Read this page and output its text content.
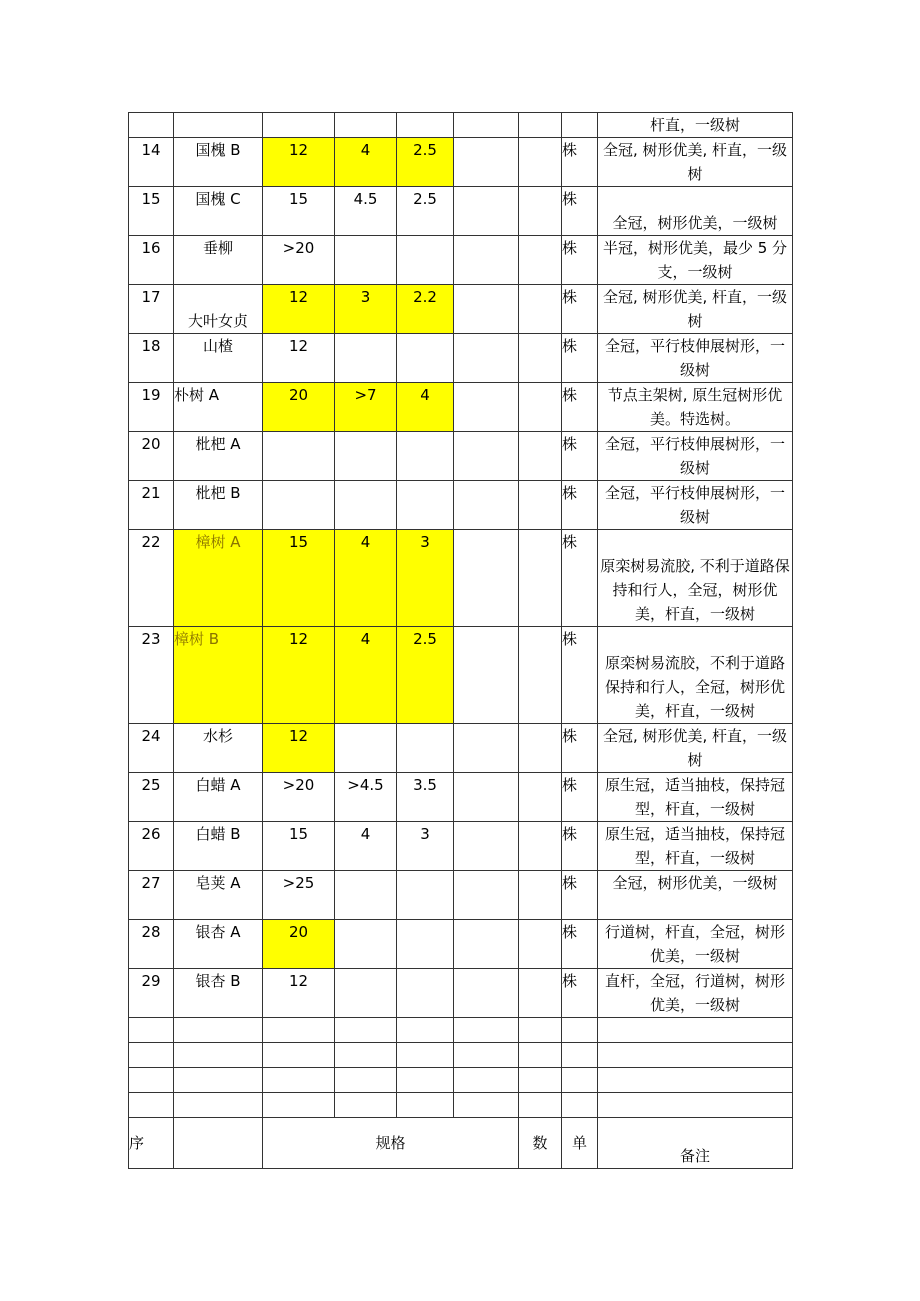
								杆直，一级树
14	国槐 B	12	4	2.5			株	全冠, 树形优美, 杆直，一级树
15	国槐 C	15	4.5	2.5			株	全冠，树形优美，一级树
16	垂柳	>20					株	半冠，树形优美，最少 5 分支，一级树
17	大叶女贞	12	3	2.2			株	全冠, 树形优美, 杆直，一级树
18	山楂	12					株	全冠，平行枝伸展树形，一级树
19	朴树 A	20	>7	4			株	节点主架树, 原生冠树形优美。特选树。
20	枇杷 A						株	全冠，平行枝伸展树形，一级树
21	枇杷 B						株	全冠，平行枝伸展树形，一级树
22	樟树 A	15	4	3			株	原栾树易流胶, 不利于道路保持和行人，全冠，树形优美，杆直，一级树
23	樟树 B	12	4	2.5			株	原栾树易流胶，不利于道路保持和行人，全冠，树形优美，杆直，一级树
24	水杉	12					株	全冠, 树形优美, 杆直，一级树
25	白蜡 A	>20	>4.5	3.5			株	原生冠，适当抽枝，保持冠型，杆直，一级树
26	白蜡 B	15	4	3			株	原生冠，适当抽枝，保持冠型，杆直，一级树
27	皂荚 A	>25					株	全冠，树形优美，一级树
28	银杏 A	20					株	行道树，杆直，全冠，树形优美，一级树
29	银杏 B	12					株	直杆，全冠，行道树，树形优美，一级树

序		规格				数	单	备注
